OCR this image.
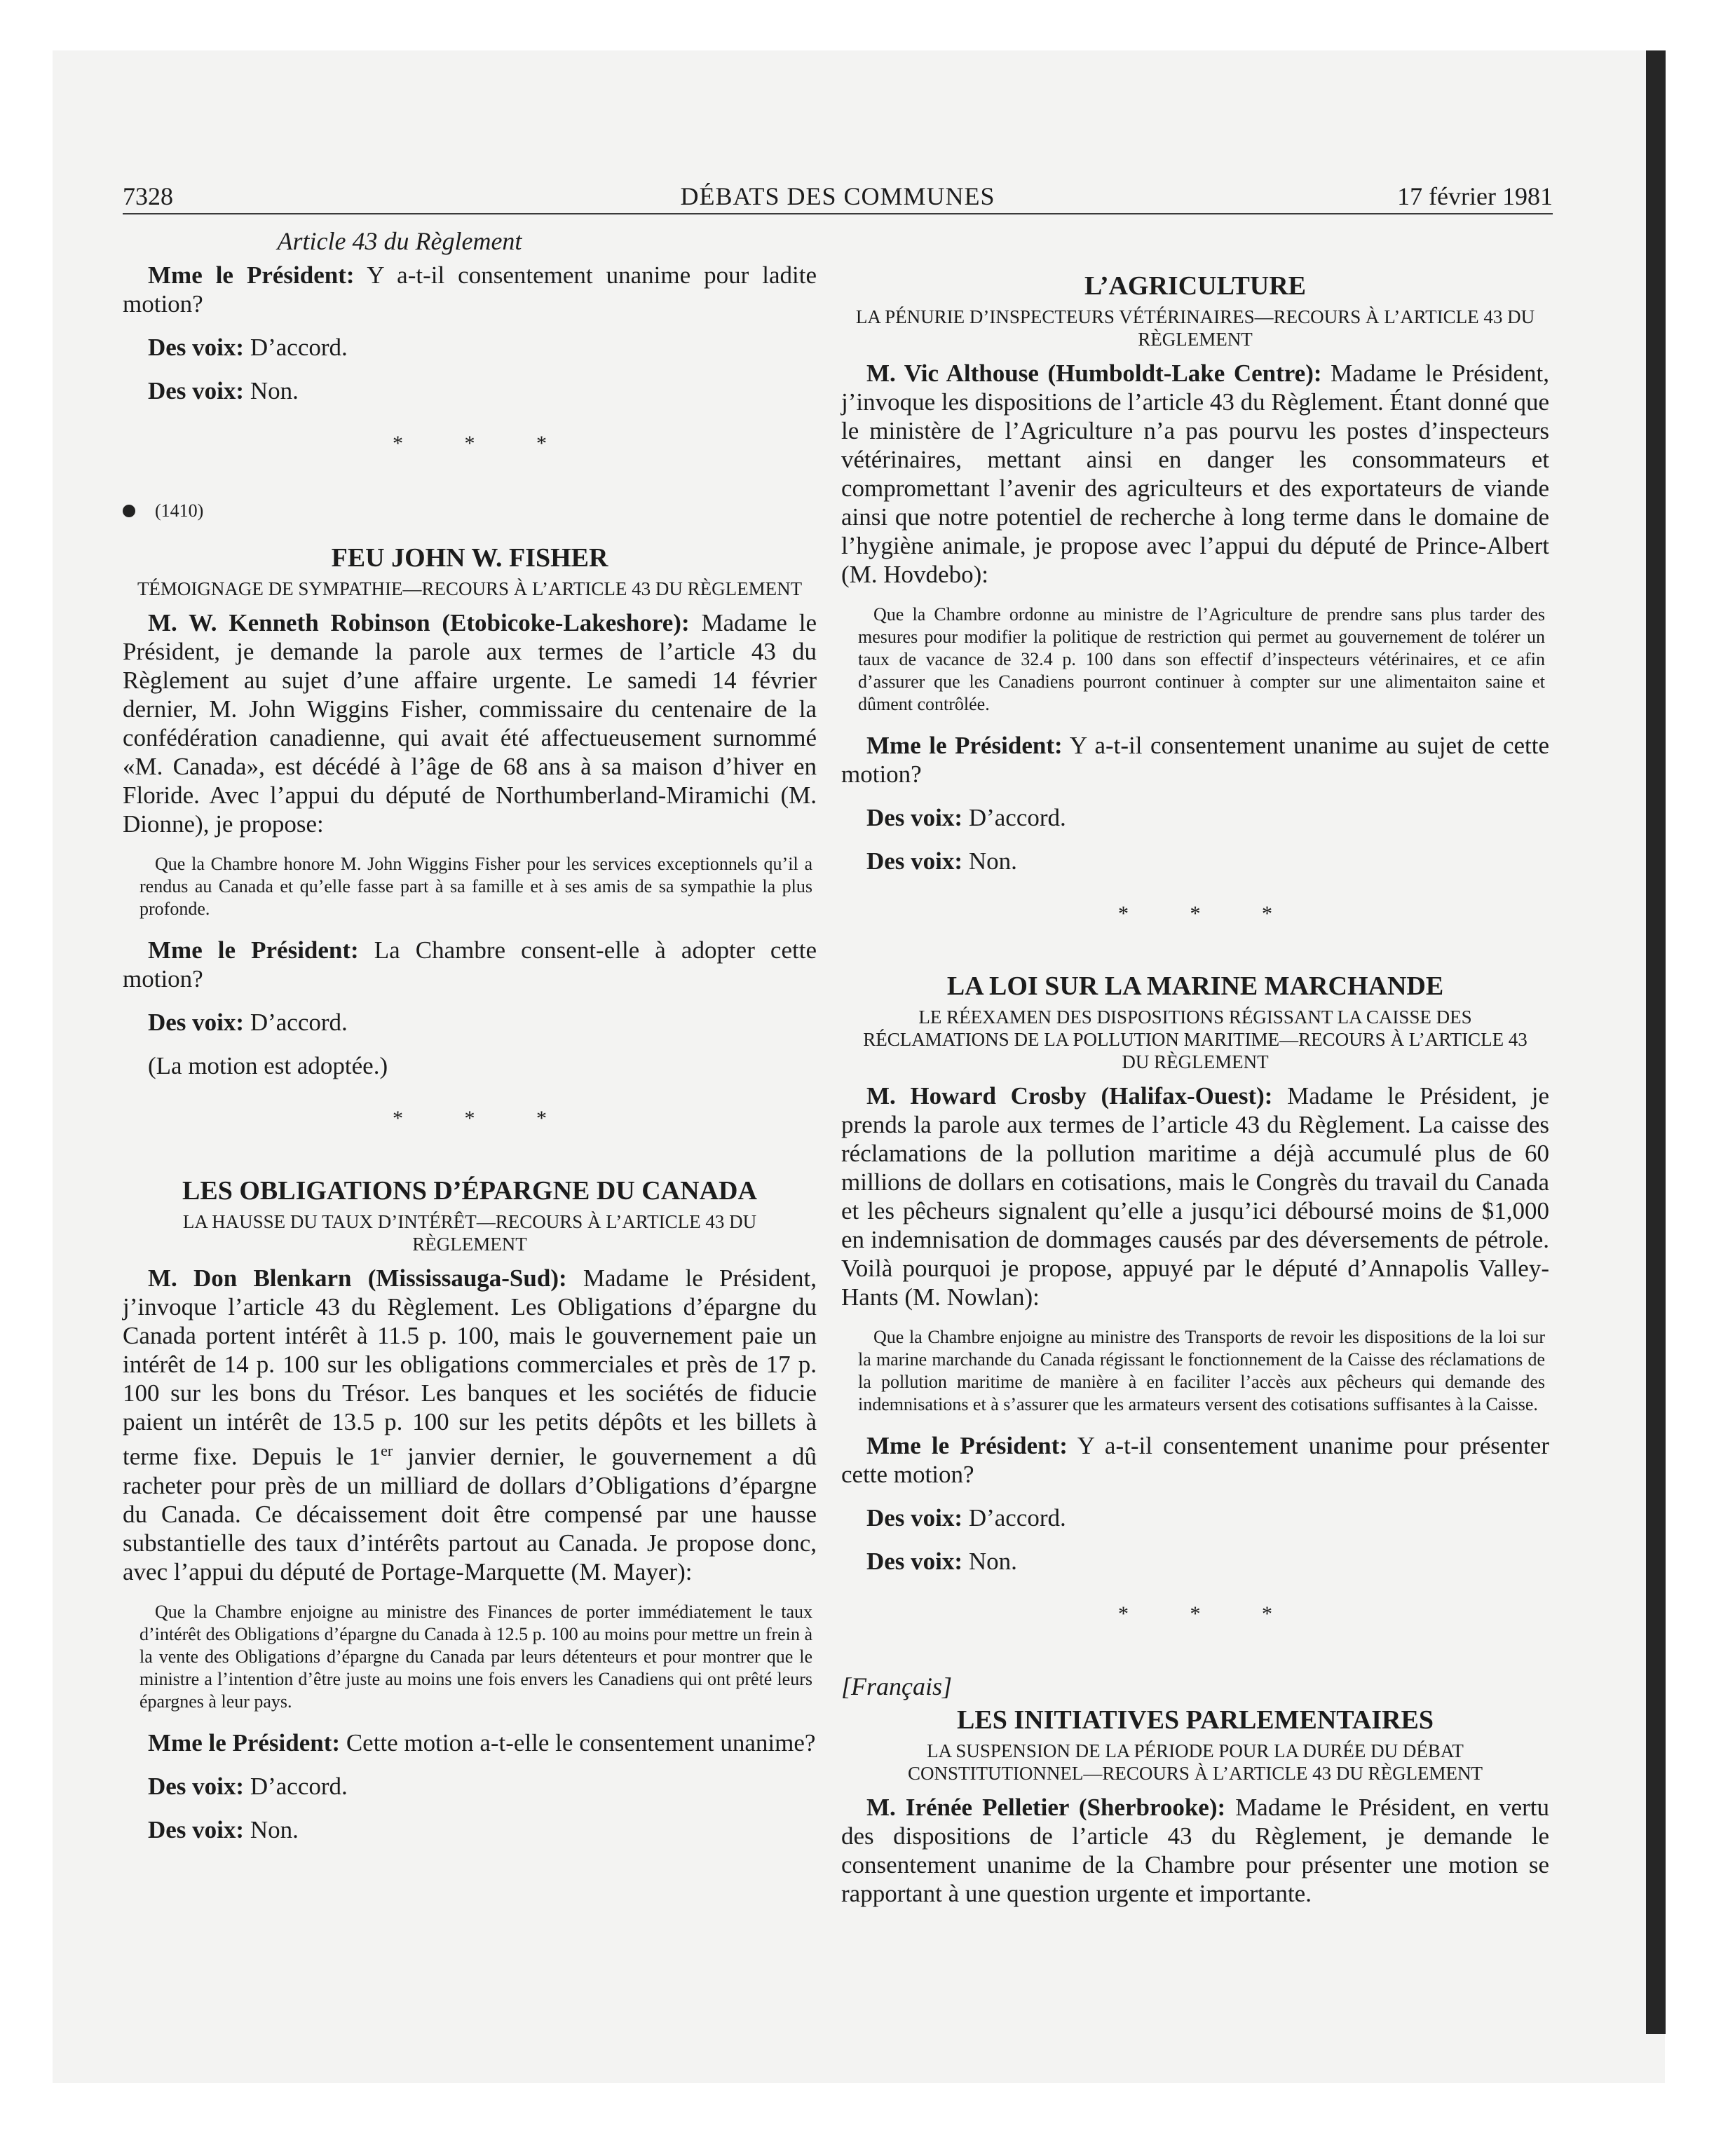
7328	DÉBATS DES COMMUNES	17 février 1981
Article 43 du Règlement

Mme le Président: Y a-t-il consentement unanime pour ladite motion?

Des voix: D’accord.

Des voix: Non.

* * *
(1410)
FEU JOHN W. FISHER
TÉMOIGNAGE DE SYMPATHIE—RECOURS À L’ARTICLE 43 DU RÈGLEMENT

M. W. Kenneth Robinson (Etobicoke-Lakeshore): Madame le Président, je demande la parole aux termes de l’article 43 du Règlement au sujet d’une affaire urgente. Le samedi 14 février dernier, M. John Wiggins Fisher, commissaire du centenaire de la confédération canadienne, qui avait été affectueusement surnommé «M. Canada», est décédé à l’âge de 68 ans à sa maison d’hiver en Floride. Avec l’appui du député de Northumberland-Miramichi (M. Dionne), je propose:

Que la Chambre honore M. John Wiggins Fisher pour les services exceptionnels qu’il a rendus au Canada et qu’elle fasse part à sa famille et à ses amis de sa sympathie la plus profonde.

Mme le Président: La Chambre consent-elle à adopter cette motion?

Des voix: D’accord.

(La motion est adoptée.)

* * *
LES OBLIGATIONS D’ÉPARGNE DU CANADA
LA HAUSSE DU TAUX D’INTÉRÊT—RECOURS À L’ARTICLE 43 DU RÈGLEMENT

M. Don Blenkarn (Mississauga-Sud): Madame le Président, j’invoque l’article 43 du Règlement. Les Obligations d’épargne du Canada portent intérêt à 11.5 p. 100, mais le gouvernement paie un intérêt de 14 p. 100 sur les obligations commerciales et près de 17 p. 100 sur les bons du Trésor. Les banques et les sociétés de fiducie paient un intérêt de 13.5 p. 100 sur les petits dépôts et les billets à terme fixe. Depuis le 1er janvier dernier, le gouvernement a dû racheter pour près de un milliard de dollars d’Obligations d’épargne du Canada. Ce décaissement doit être compensé par une hausse substantielle des taux d’intérêts partout au Canada. Je propose donc, avec l’appui du député de Portage-Marquette (M. Mayer):

Que la Chambre enjoigne au ministre des Finances de porter immédiatement le taux d’intérêt des Obligations d’épargne du Canada à 12.5 p. 100 au moins pour mettre un frein à la vente des Obligations d’épargne du Canada par leurs détenteurs et pour montrer que le ministre a l’intention d’être juste au moins une fois envers les Canadiens qui ont prêté leurs épargnes à leur pays.

Mme le Président: Cette motion a-t-elle le consentement unanime?

Des voix: D’accord.

Des voix: Non.

L’AGRICULTURE
LA PÉNURIE D’INSPECTEURS VÉTÉRINAIRES—RECOURS À L’ARTICLE 43 DU RÈGLEMENT

M. Vic Althouse (Humboldt-Lake Centre): Madame le Président, j’invoque les dispositions de l’article 43 du Règlement. Étant donné que le ministère de l’Agriculture n’a pas pourvu les postes d’inspecteurs vétérinaires, mettant ainsi en danger les consommateurs et compromettant l’avenir des agriculteurs et des exportateurs de viande ainsi que notre potentiel de recherche à long terme dans le domaine de l’hygiène animale, je propose avec l’appui du député de Prince-Albert (M. Hovdebo):

Que la Chambre ordonne au ministre de l’Agriculture de prendre sans plus tarder des mesures pour modifier la politique de restriction qui permet au gouvernement de tolérer un taux de vacance de 32.4 p. 100 dans son effectif d’inspecteurs vétérinaires, et ce afin d’assurer que les Canadiens pourront continuer à compter sur une alimentaiton saine et dûment contrôlée.

Mme le Président: Y a-t-il consentement unanime au sujet de cette motion?

Des voix: D’accord.

Des voix: Non.

* * *
LA LOI SUR LA MARINE MARCHANDE
LE RÉEXAMEN DES DISPOSITIONS RÉGISSANT LA CAISSE DES RÉCLAMATIONS DE LA POLLUTION MARITIME—RECOURS À L’ARTICLE 43 DU RÈGLEMENT

M. Howard Crosby (Halifax-Ouest): Madame le Président, je prends la parole aux termes de l’article 43 du Règlement. La caisse des réclamations de la pollution maritime a déjà accumulé plus de 60 millions de dollars en cotisations, mais le Congrès du travail du Canada et les pêcheurs signalent qu’elle a jusqu’ici déboursé moins de $1,000 en indemnisation de dommages causés par des déversements de pétrole. Voilà pourquoi je propose, appuyé par le député d’Annapolis Valley-Hants (M. Nowlan):

Que la Chambre enjoigne au ministre des Transports de revoir les dispositions de la loi sur la marine marchande du Canada régissant le fonctionnement de la Caisse des réclamations de la pollution maritime de manière à en faciliter l’accès aux pêcheurs qui demande des indemnisations et à s’assurer que les armateurs versent des cotisations suffisantes à la Caisse.

Mme le Président: Y a-t-il consentement unanime pour présenter cette motion?

Des voix: D’accord.

Des voix: Non.

* * *
[Français]
LES INITIATIVES PARLEMENTAIRES
LA SUSPENSION DE LA PÉRIODE POUR LA DURÉE DU DÉBAT CONSTITUTIONNEL—RECOURS À L’ARTICLE 43 DU RÈGLEMENT

M. Irénée Pelletier (Sherbrooke): Madame le Président, en vertu des dispositions de l’article 43 du Règlement, je demande le consentement unanime de la Chambre pour présenter une motion se rapportant à une question urgente et importante.
